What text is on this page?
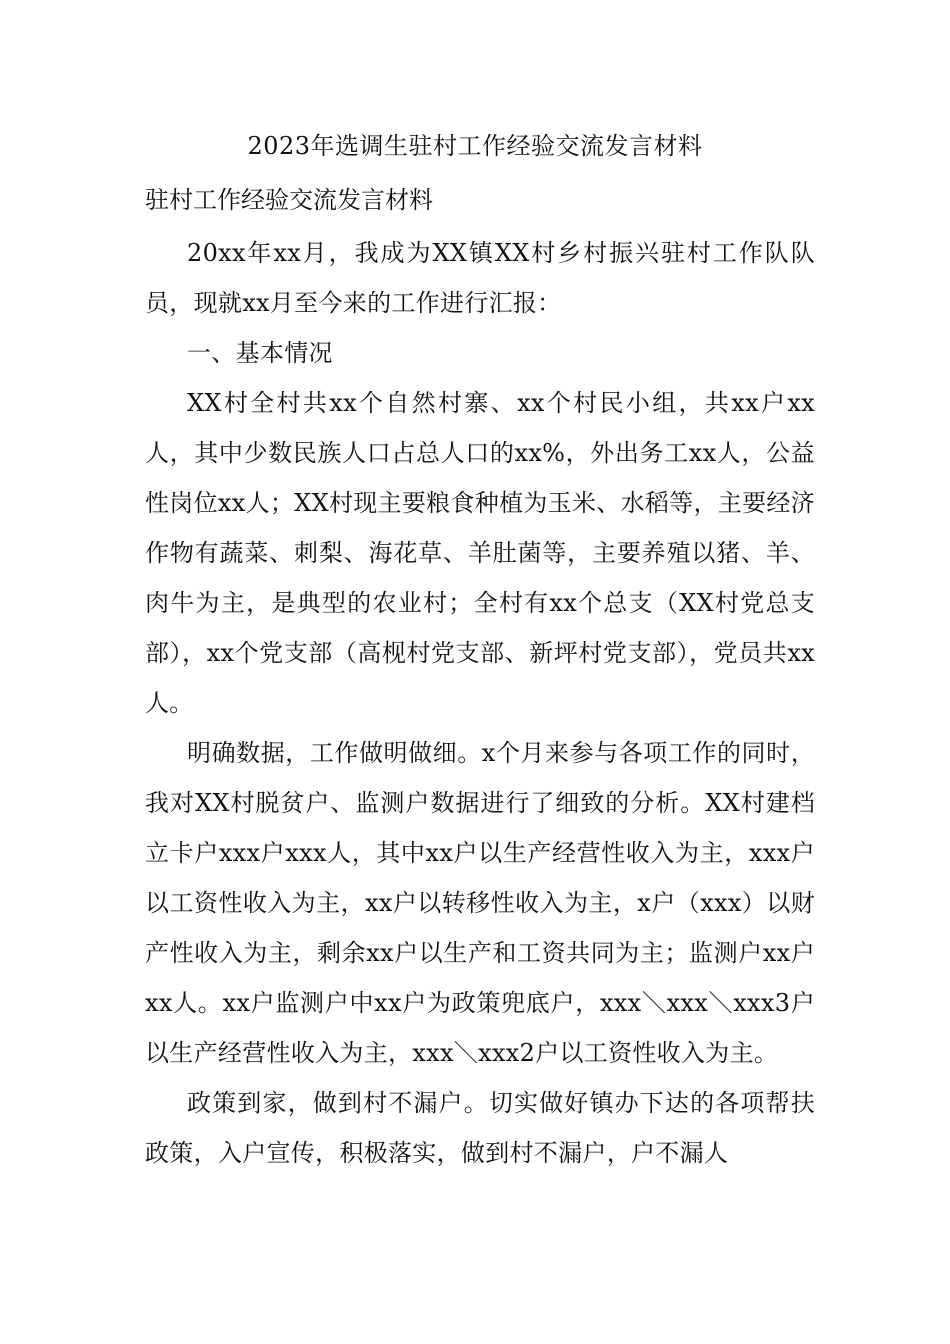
2023年选调生驻村工作经验交流发言材料
驻村工作经验交流发言材料

20xx年xx月，我成为XX镇XX村乡村振兴驻村工作队队员，现就xx月至今来的工作进行汇报：

一、基本情况

XX村全村共xx个自然村寨、xx个村民小组，共xx户xx人，其中少数民族人口占总人口的xx%，外出务工xx人，公益性岗位xx人；XX村现主要粮食种植为玉米、水稻等，主要经济作物有蔬菜、刺梨、海花草、羊肚菌等，主要养殖以猪、羊、肉牛为主，是典型的农业村；全村有xx个总支（XX村党总支部），xx个党支部（高枧村党支部、新坪村党支部），党员共xx人。

明确数据，工作做明做细。x个月来参与各项工作的同时，我对XX村脱贫户、监测户数据进行了细致的分析。XX村建档立卡户xxx户xxx人，其中xx户以生产经营性收入为主，xxx户以工资性收入为主，xx户以转移性收入为主，x户（xxx）以财产性收入为主，剩余xx户以生产和工资共同为主；监测户xx户xx人。xx户监测户中xx户为政策兜底户，xxx＼xxx＼xxx3户以生产经营性收入为主，xxx＼xxx2户以工资性收入为主。

政策到家，做到村不漏户。切实做好镇办下达的各项帮扶政策，入户宣传，积极落实，做到村不漏户，户不漏人
